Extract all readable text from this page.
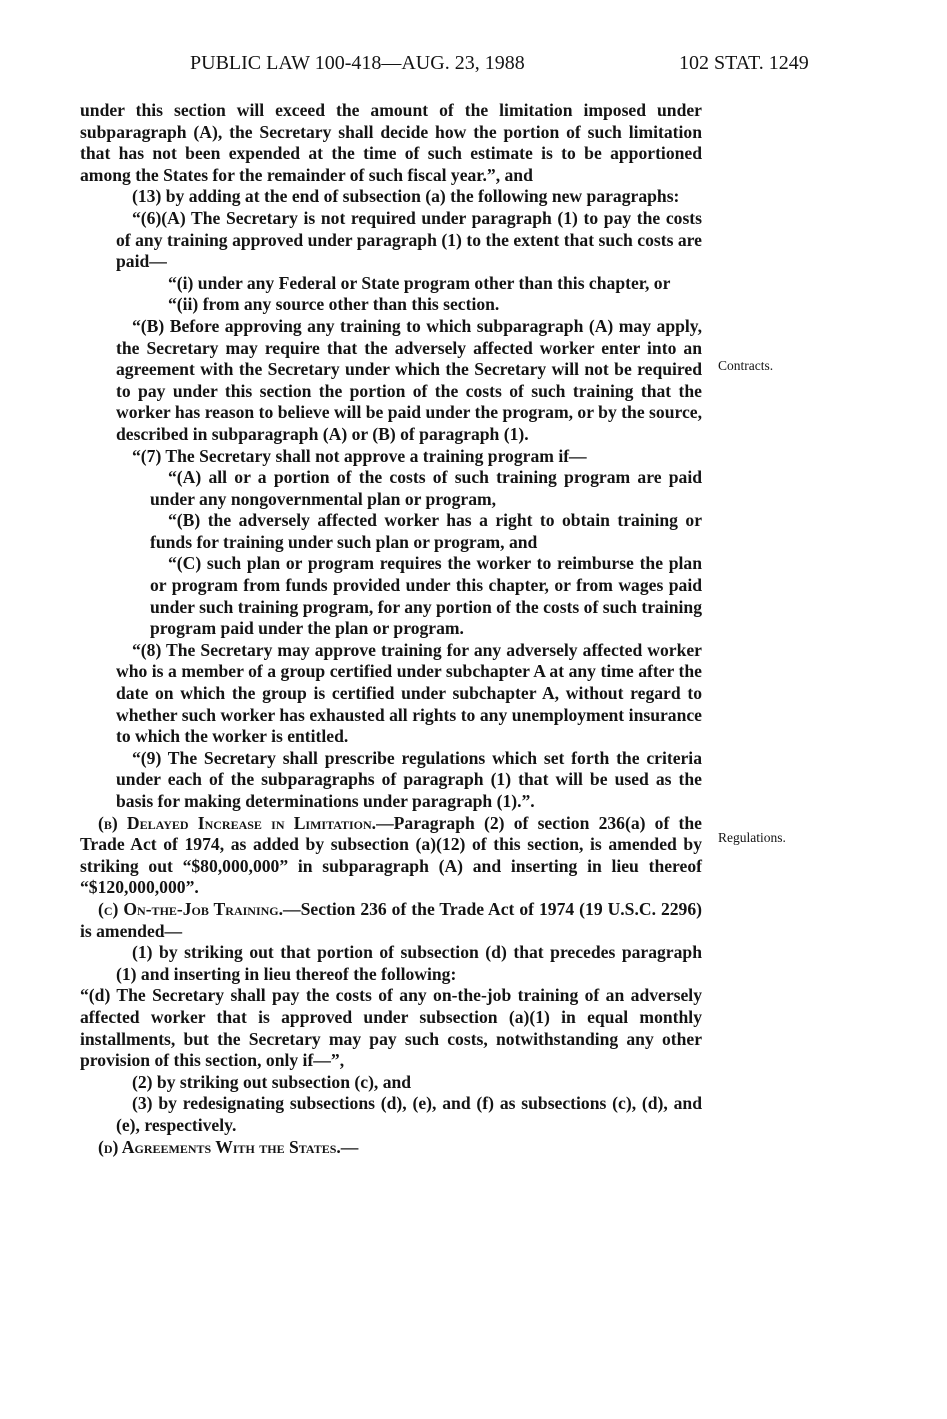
PUBLIC LAW 100-418—AUG. 23, 1988	102 STAT. 1249
Contracts.
Regulations.

under this section will exceed the amount of the limitation imposed under subparagraph (A), the Secretary shall decide how the portion of such limitation that has not been expended at the time of such estimate is to be apportioned among the States for the remainder of such fiscal year.”, and

(13) by adding at the end of subsection (a) the following new paragraphs:

“(6)(A) The Secretary is not required under paragraph (1) to pay the costs of any training approved under paragraph (1) to the extent that such costs are paid—

“(i) under any Federal or State program other than this chapter, or

“(ii) from any source other than this section.

“(B) Before approving any training to which subparagraph (A) may apply, the Secretary may require that the adversely affected worker enter into an agreement with the Secretary under which the Secretary will not be required to pay under this section the portion of the costs of such training that the worker has reason to believe will be paid under the program, or by the source, described in subparagraph (A) or (B) of paragraph (1).

“(7) The Secretary shall not approve a training program if—

“(A) all or a portion of the costs of such training program are paid under any nongovernmental plan or program,

“(B) the adversely affected worker has a right to obtain training or funds for training under such plan or program, and

“(C) such plan or program requires the worker to reimburse the plan or program from funds provided under this chapter, or from wages paid under such training program, for any portion of the costs of such training program paid under the plan or program.

“(8) The Secretary may approve training for any adversely affected worker who is a member of a group certified under subchapter A at any time after the date on which the group is certified under subchapter A, without regard to whether such worker has exhausted all rights to any unemployment insurance to which the worker is entitled.

“(9) The Secretary shall prescribe regulations which set forth the criteria under each of the subparagraphs of paragraph (1) that will be used as the basis for making determinations under paragraph (1).”.

(b) Delayed Increase in Limitation.—Paragraph (2) of section 236(a) of the Trade Act of 1974, as added by subsection (a)(12) of this section, is amended by striking out “$80,000,000” in subparagraph (A) and inserting in lieu thereof “$120,000,000”.

(c) On-the-Job Training.—Section 236 of the Trade Act of 1974 (19 U.S.C. 2296) is amended—

(1) by striking out that portion of subsection (d) that precedes paragraph (1) and inserting in lieu thereof the following:

“(d) The Secretary shall pay the costs of any on-the-job training of an adversely affected worker that is approved under subsection (a)(1) in equal monthly installments, but the Secretary may pay such costs, notwithstanding any other provision of this section, only if—”,

(2) by striking out subsection (c), and

(3) by redesignating subsections (d), (e), and (f) as subsections (c), (d), and (e), respectively.

(d) Agreements With the States.—
